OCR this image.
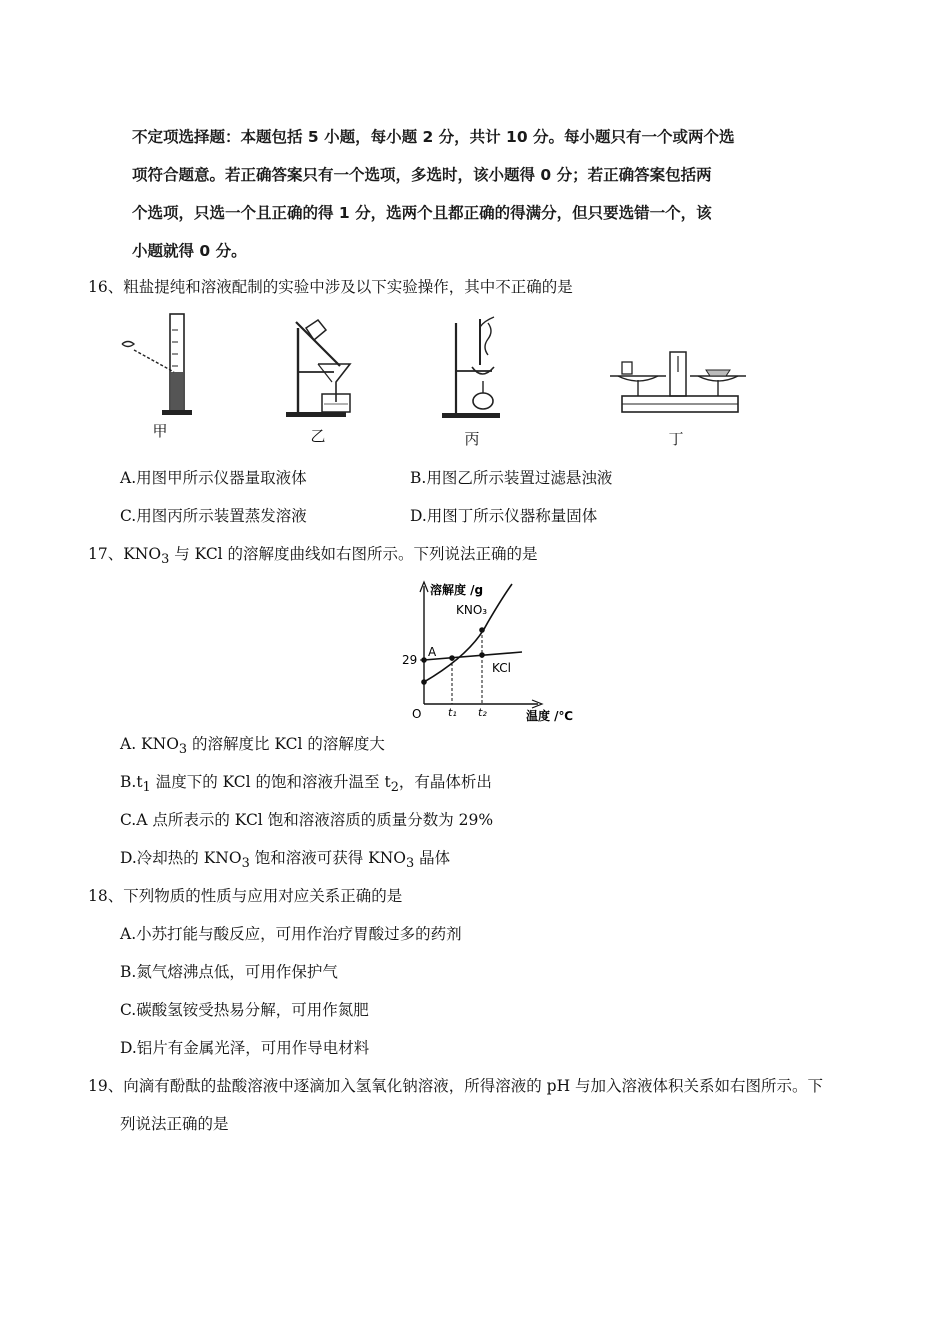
不定项选择题：本题包括 5 小题，每小题 2 分，共计 10 分。每小题只有一个或两个选

项符合题意。若正确答案只有一个选项，多选时，该小题得 0 分；若正确答案包括两

个选项，只选一个且正确的得 1 分，选两个且都正确的得满分，但只要选错一个，该

小题就得 0 分。

16、粗盐提纯和溶液配制的实验中涉及以下实验操作，其中不正确的是
甲	乙	丙	丁
A.用图甲所示仪器量取液体	B.用图乙所示装置过滤悬浊液
C.用图丙所示装置蒸发溶液	D.用图丁所示仪器称量固体
17、$KNO_3$ 与 KCl 的溶解度曲线如右图所示。下列说法正确的是
溶解度 /g
温度 /℃
O
29
A
KNO₃
KCl
t₁ t₂
A. $KNO_3$ 的溶解度比 KCl 的溶解度大
$B.t_1$ 温度下的 KCl 的饱和溶液升温至 $t_2$，有晶体析出
C.A 点所表示的 KCl 饱和溶液溶质的质量分数为 29%
D.冷却热的 $KNO_3$ 饱和溶液可获得 $KNO_3$ 晶体
18、下列物质的性质与应用对应关系正确的是
A.小苏打能与酸反应，可用作治疗胃酸过多的药剂
B.氮气熔沸点低，可用作保护气
C.碳酸氢铵受热易分解，可用作氮肥
D.铝片有金属光泽，可用作导电材料
19、向滴有酚酞的盐酸溶液中逐滴加入氢氧化钠溶液，所得溶液的 pH 与加入溶液体积关系如右图所示。下
列说法正确的是
